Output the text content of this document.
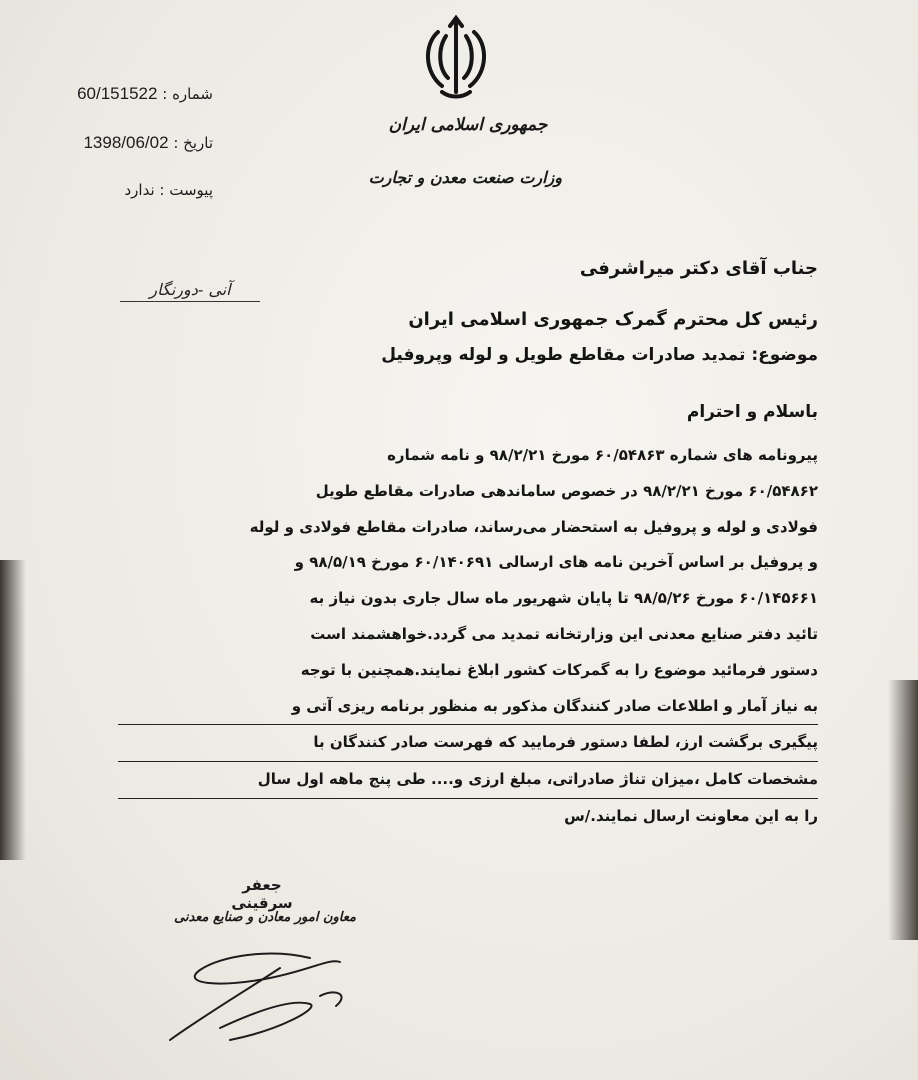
جمهوری اسلامی ایران
وزارت صنعت معدن و تجارت
شماره : 60/151522
تاریخ : 1398/06/02
پیوست : ندارد
آنی -دورنگار
جناب آقای دکتر میراشرفی
رئیس کل محترم گمرک جمهوری اسلامی ایران
موضوع: تمدید صادرات مقاطع طویل و لوله وپروفیل
باسلام و احترام
پیرونامه های شماره ۶۰/۵۴۸۶۳ مورخ ۹۸/۲/۲۱ و نامه شماره
۶۰/۵۴۸۶۲ مورخ ۹۸/۲/۲۱ در خصوص ساماندهی صادرات مقاطع طویل
فولادی و لوله و پروفیل به استحضار می‌رساند، صادرات مقاطع فولادی و لوله
و پروفیل بر اساس آخرین نامه های ارسالی ۶۰/۱۴۰۶۹۱ مورخ ۹۸/۵/۱۹ و
۶۰/۱۴۵۶۶۱ مورخ ۹۸/۵/۲۶ تا پایان شهریور ماه سال جاری بدون نیاز به
تائید دفتر صنایع معدنی این وزارتخانه تمدید می گردد.خواهشمند است
دستور فرمائید موضوع را به گمرکات کشور ابلاغ نمایند.همچنین با توجه
به نیاز آمار و اطلاعات صادر کنندگان مذکور به منظور برنامه ریزی آتی و
پیگیری برگشت ارز، لطفا دستور فرمایید که فهرست صادر کنندگان با
مشخصات کامل ،میزان تناژ صادراتی، مبلغ ارزی و.... طی پنج ماهه اول سال
را به این معاونت ارسال نمایند./س
جعفر سرقینی
معاون امور معادن و صنایع معدنی
